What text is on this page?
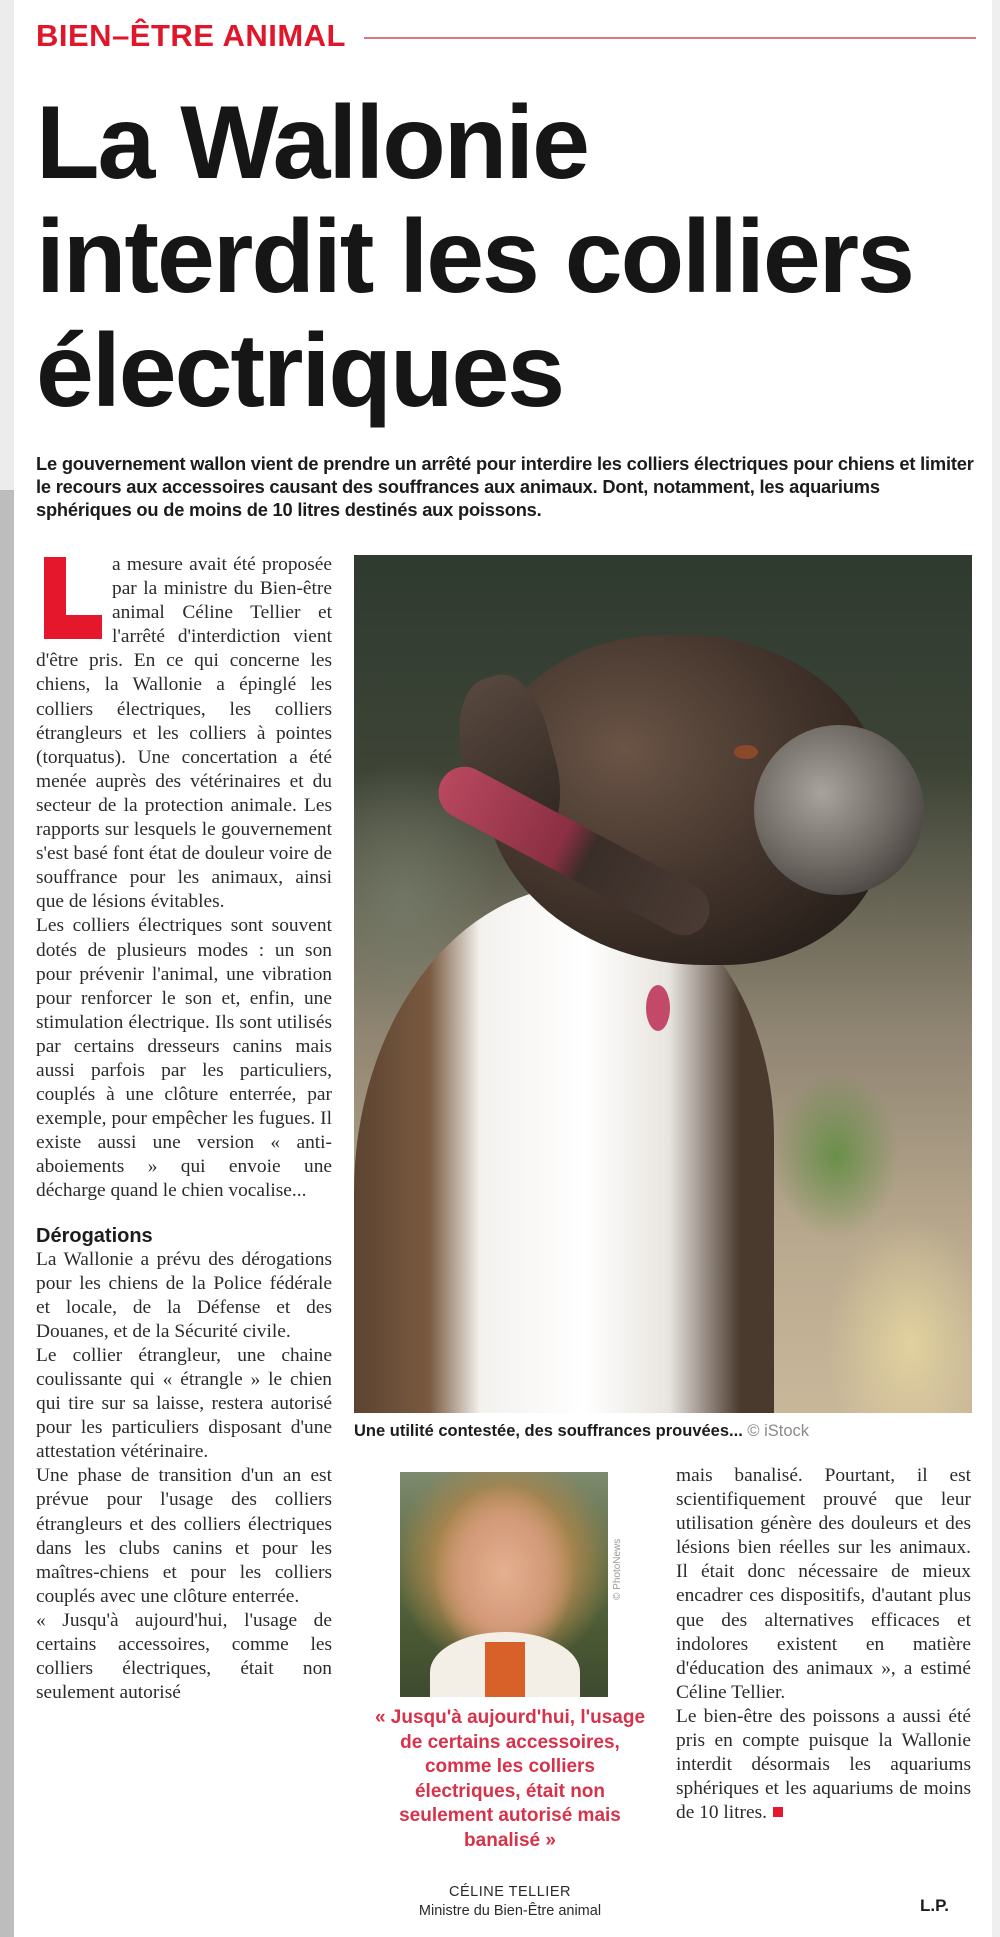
BIEN–ÊTRE ANIMAL
La Wallonie
interdit les colliers
électriques

Le gouvernement wallon vient de prendre un arrêté pour interdire les colliers électriques pour chiens et limiter le recours aux accessoires causant des souffrances aux animaux. Dont, notamment, les aquariums sphériques ou de moins de 10 litres destinés aux poissons.

a mesure avait été proposée par la ministre du Bien-être animal Céline Tellier et l'arrêté d'interdiction vient d'être pris. En ce qui concerne les chiens, la Wallonie a épinglé les colliers électriques, les colliers étrangleurs et les colliers à pointes (torquatus). Une concertation a été menée auprès des vétérinaires et du secteur de la protection animale. Les rapports sur lesquels le gouvernement s'est basé font état de douleur voire de souffrance pour les animaux, ainsi que de lésions évitables.

Les colliers électriques sont souvent dotés de plusieurs modes : un son pour prévenir l'animal, une vibration pour renforcer le son et, enfin, une stimulation électrique. Ils sont utilisés par certains dresseurs canins mais aussi parfois par les particuliers, couplés à une clôture enterrée, par exemple, pour empêcher les fugues. Il existe aussi une version « anti-aboiements » qui envoie une décharge quand le chien vocalise...

Dérogations

La Wallonie a prévu des dérogations pour les chiens de la Police fédérale et locale, de la Défense et des Douanes, et de la Sécurité civile.

Le collier étrangleur, une chaine coulissante qui « étrangle » le chien qui tire sur sa laisse, restera autorisé pour les particuliers disposant d'une attestation vétérinaire.

Une phase de transition d'un an est prévue pour l'usage des colliers étrangleurs et des colliers électriques dans les clubs canins et pour les maîtres-chiens et pour les colliers couplés avec une clôture enterrée.

« Jusqu'à aujourd'hui, l'usage de certains accessoires, comme les colliers électriques, était non seulement autorisé

Une utilité contestée, des souffrances prouvées... © iStock
© PhotoNews
« Jusqu'à aujourd'hui, l'usage de certains accessoires, comme les colliers électriques, était non seulement autorisé mais banalisé »
CÉLINE TELLIER
Ministre du Bien-Être animal

mais banalisé. Pourtant, il est scientifiquement prouvé que leur utilisation génère des douleurs et des lésions bien réelles sur les animaux. Il était donc nécessaire de mieux encadrer ces dispositifs, d'autant plus que des alternatives efficaces et indolores existent en matière d'éducation des animaux », a estimé Céline Tellier.

Le bien-être des poissons a aussi été pris en compte puisque la Wallonie interdit désormais les aquariums sphériques et les aquariums de moins de 10 litres.

L.P.
